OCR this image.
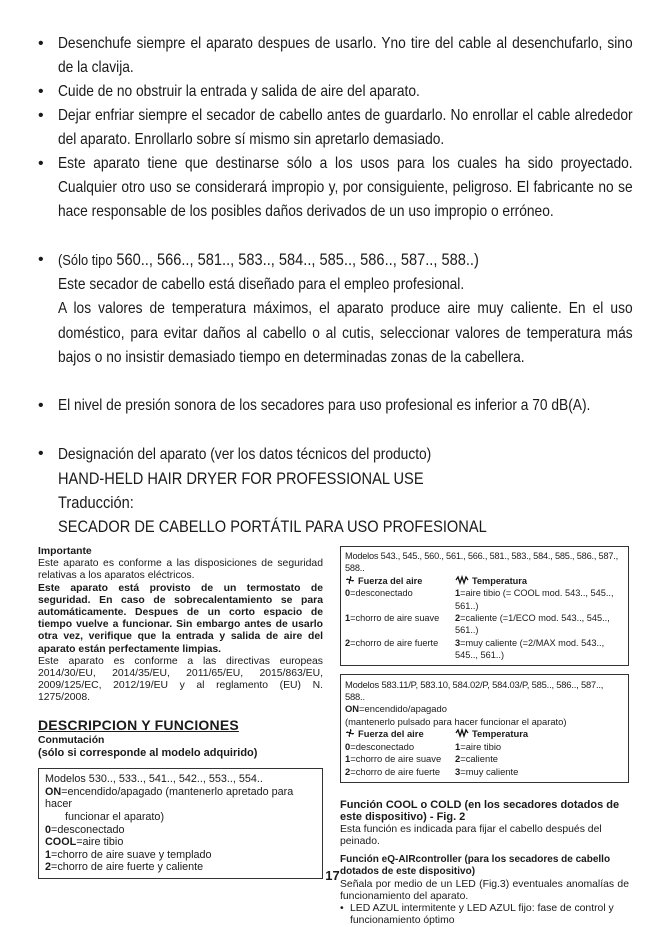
• Desenchufe siempre el aparato despues de usarlo. Yno tire del cable al desenchufarlo, sino de la clavija.
• Cuide de no obstruir la entrada y salida de aire del aparato.
• Dejar enfriar siempre el secador de cabello antes de guardarlo. No enrollar el cable alrededor del aparato. Enrollarlo sobre sí mismo sin apretarlo demasiado.
• Este aparato tiene que destinarse sólo a los usos para los cuales ha sido proyectado. Cualquier otro uso se considerará impropio y, por consiguiente, peligroso. El fabricante no se hace responsable de los posibles daños derivados de un uso impropio o erróneo.
• (Sólo tipo 560.., 566.., 581.., 583.., 584.., 585.., 586.., 587.., 588..)
Este secador de cabello está diseñado para el empleo profesional.
A los valores de temperatura máximos, el aparato produce aire muy caliente. En el uso doméstico, para evitar daños al cabello o al cutis, seleccionar valores de temperatura más bajos o no insistir demasiado tiempo en determinadas zonas de la cabellera.
• El nivel de presión sonora de los secadores para uso profesional es inferior a 70 dB(A).
• Designación del aparato (ver los datos técnicos del producto)
HAND-HELD HAIR DRYER FOR PROFESSIONAL USE
Traducción:
SECADOR DE CABELLO PORTÁTIL PARA USO PROFESIONAL

Importante

Este aparato es conforme a las disposiciones de seguridad relativas a los aparatos eléctricos.

Este aparato está provisto de un termostato de seguridad. En caso de sobrecalentamiento se para automáticamente. Despues de un corto espacio de tiempo vuelve a funcionar. Sin embargo antes de usarlo otra vez, verifique que la entrada y salida de aire del aparato están perfectamente limpias.

Este aparato es conforme a las directivas europeas 2014/30/EU, 2014/35/EU, 2011/65/EU, 2015/863/EU, 2009/125/EC, 2012/19/EU y al reglamento (EU) N. 1275/2008.

DESCRIPCION Y FUNCIONES

Conmutación

(sólo si corresponde al modelo adquirido)

Modelos 530.., 533.., 541.., 542.., 553.., 554..
ON=encendido/apagado (mantenerlo apretado para hacer
funcionar el aparato)
0=desconectado
COOL=aire tibio
1=chorro de aire suave y templado
2=chorro de aire fuerte y caliente
Modelos 543., 545., 560., 561., 566., 581., 583., 584., 585., 586., 587., 588..
Fuerza del aire	Temperatura
0=desconectado	1=aire tibio (= COOL mod. 543.., 545.., 561..)
1=chorro de aire suave	2=caliente (=1/ECO mod. 543.., 545.., 561..)
2=chorro de aire fuerte	3=muy caliente (=2/MAX mod. 543.., 545.., 561..)
Modelos 583.11/P, 583.10, 584.02/P, 584.03/P, 585.., 586.., 587.., 588..
ON=encendido/apagado
(mantenerlo pulsado para hacer funcionar el aparato)
Fuerza del aire	Temperatura
0=desconectado	1=aire tibio
1=chorro de aire suave	2=caliente
2=chorro de aire fuerte	3=muy caliente

Función COOL o COLD (en los secadores dotados de este dispositivo) - Fig. 2

Esta función es indicada para fijar el cabello después del peinado.

Función eQ-AIRcontroller (para los secadores de cabello dotados de este dispositivo)

Señala por medio de un LED (Fig.3) eventuales anomalías de funcionamiento del aparato.

• LED AZUL intermitente y LED AZUL fijo: fase de control y funcionamiento óptimo

17
